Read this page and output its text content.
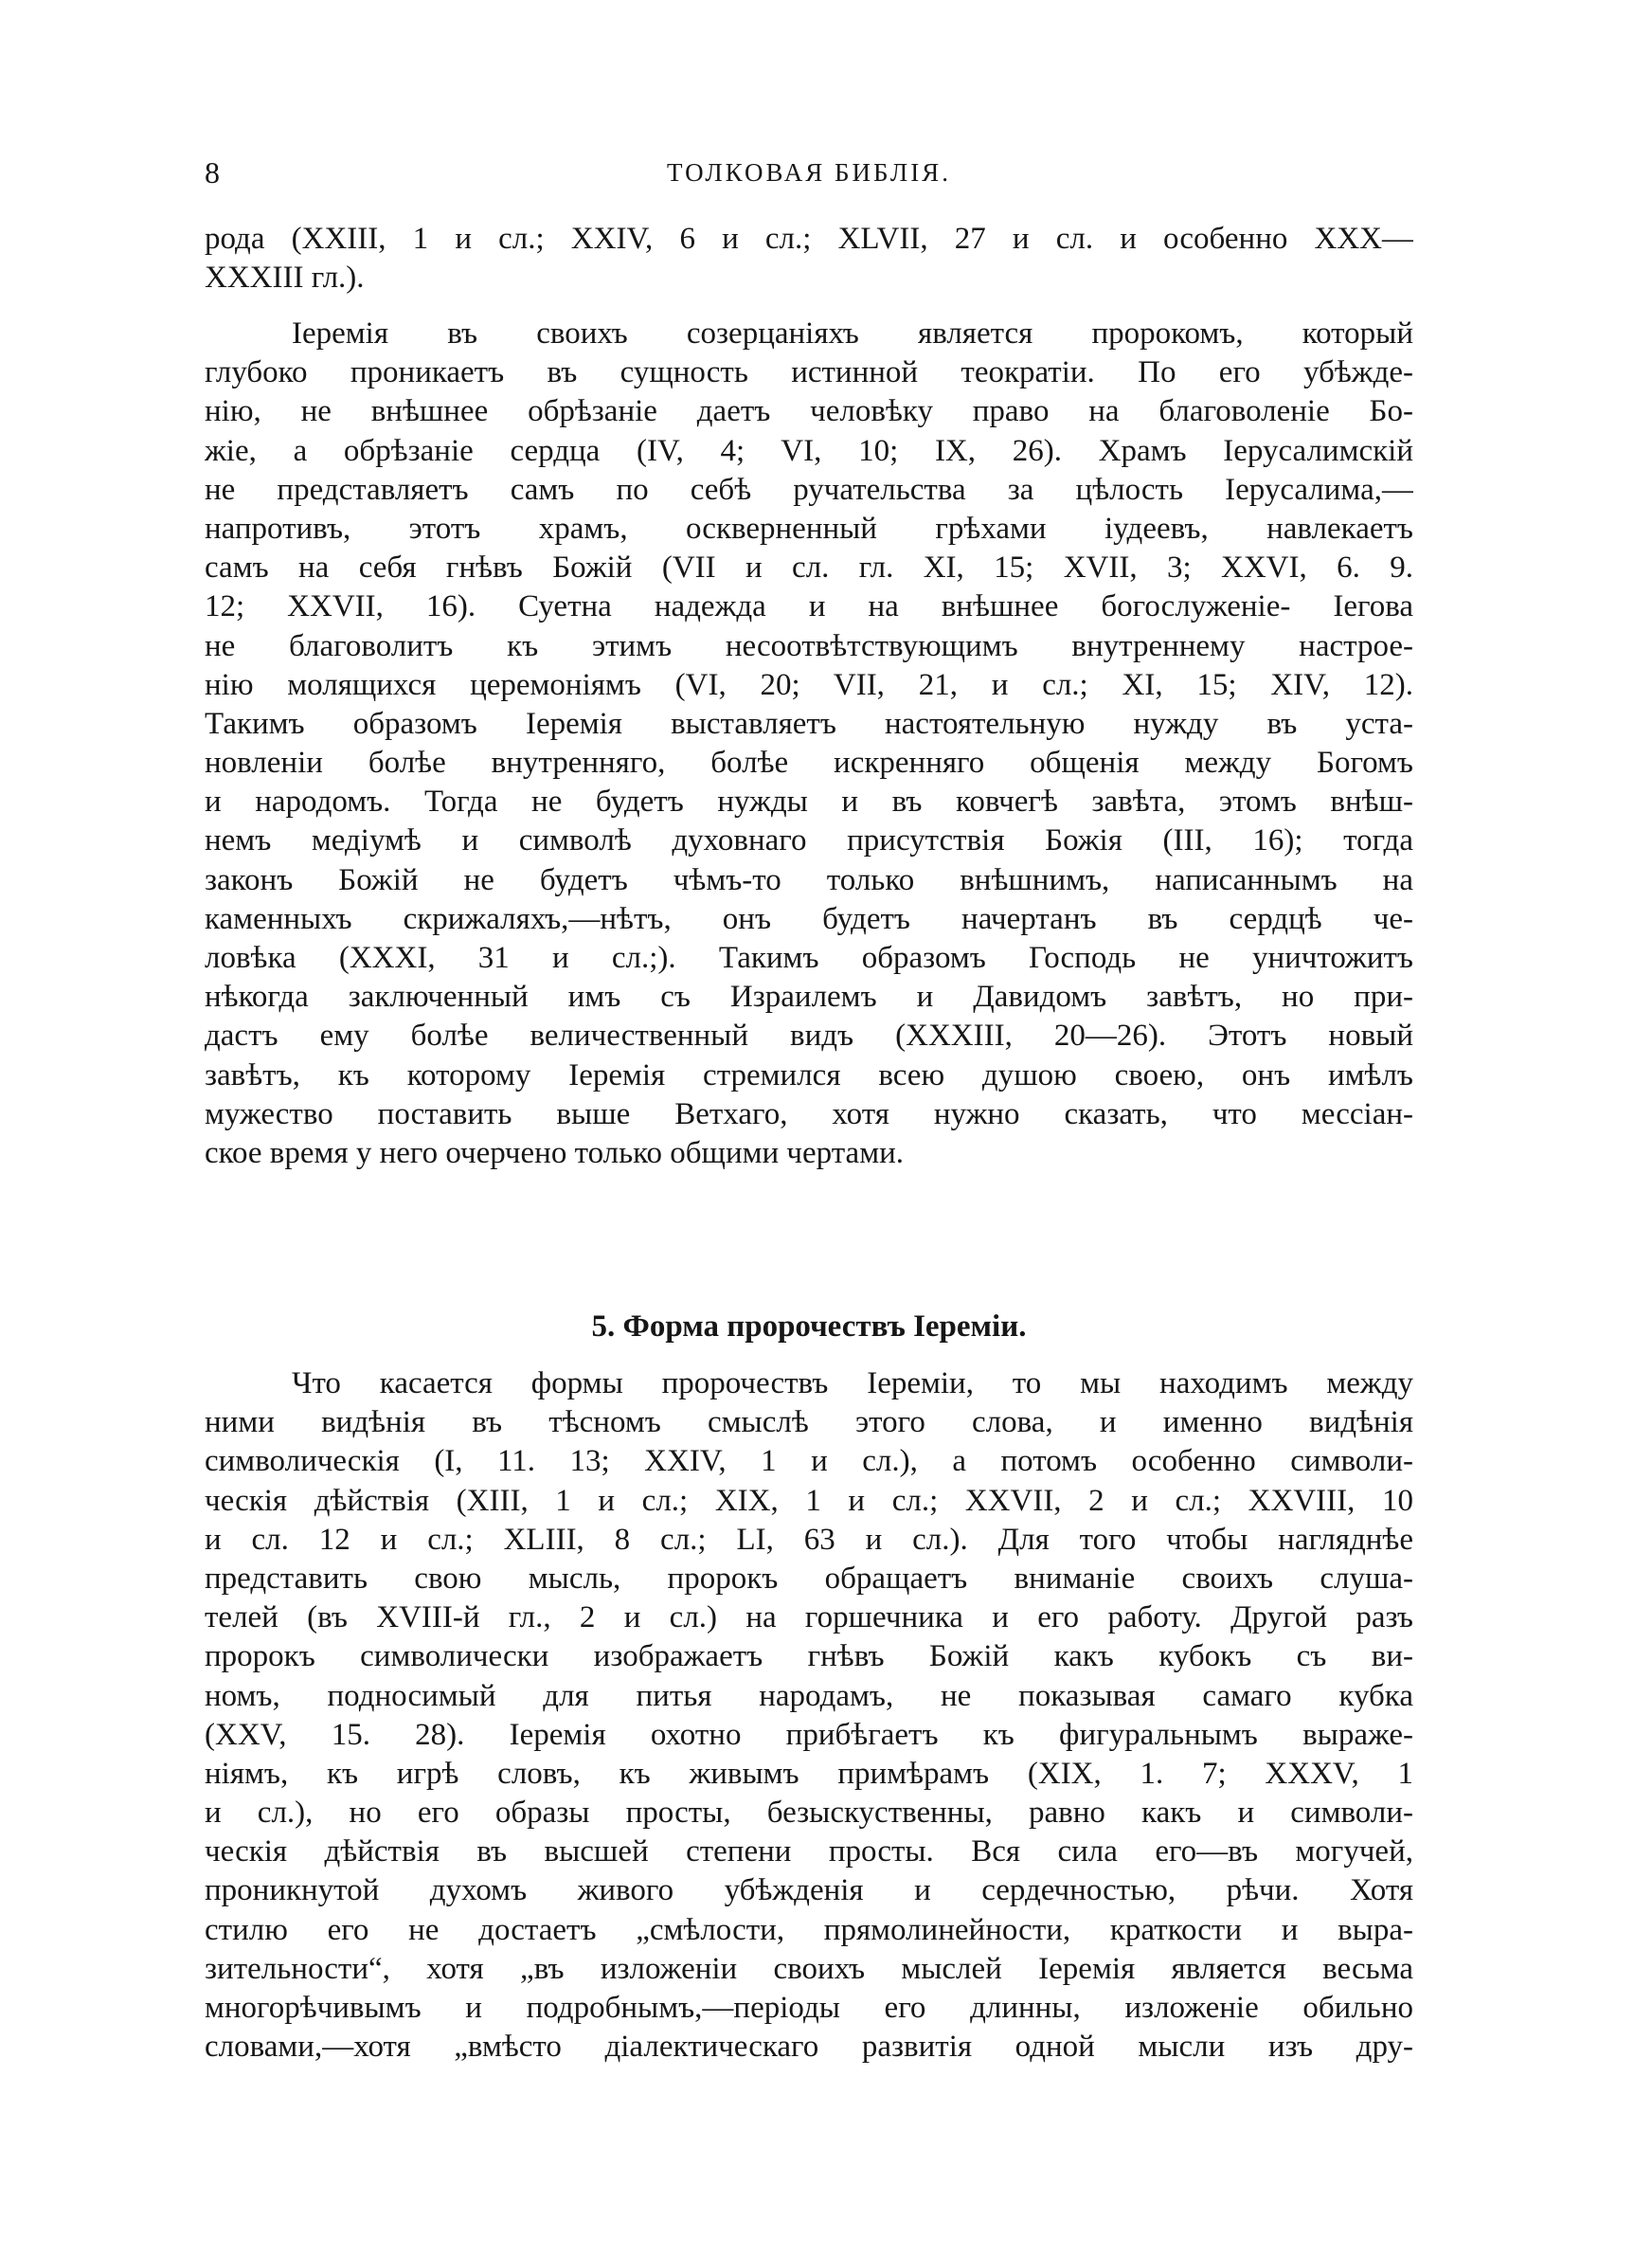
8	ТОЛКОВАЯ БИБЛІЯ.
рода (XXIII, 1 и сл.; XXIV, 6 и сл.; XLVII, 27 и сл. и особенно XXX—
XXXIII гл.).
Іеремія въ своихъ созерцаніяхъ является пророкомъ, который
глубоко проникаетъ въ сущность истинной теократіи. По его убѣжде-
нію, не внѣшнее обрѣзаніе даетъ человѣку право на благоволеніе Бо-
жіе, а обрѣзаніе сердца (IV, 4; VI, 10; IX, 26). Храмъ Іерусалимскій
не представляетъ самъ по себѣ ручательства за цѣлость Іерусалима,—
напротивъ, этотъ храмъ, оскверненный грѣхами іудеевъ, навлекаетъ
самъ на себя гнѣвъ Божій (VII и сл. гл. XI, 15; XVII, 3; XXVI, 6. 9.
12; XXVII, 16). Суетна надежда и на внѣшнее богослуженіе- Іегова
не благоволитъ къ этимъ несоотвѣтствующимъ внутреннему настрое-
нію молящихся церемоніямъ (VI, 20; VII, 21, и сл.; XI, 15; XIV, 12).
Такимъ образомъ Іеремія выставляетъ настоятельную нужду въ уста-
новленіи болѣе внутренняго, болѣе искренняго общенія между Богомъ
и народомъ. Тогда не будетъ нужды и въ ковчегѣ завѣта, этомъ внѣш-
немъ медіумѣ и символѣ духовнаго присутствія Божія (III, 16); тогда
законъ Божій не будетъ чѣмъ-то только внѣшнимъ, написаннымъ на
каменныхъ скрижаляхъ,—нѣтъ, онъ будетъ начертанъ въ сердцѣ че-
ловѣка (XXXI, 31 и сл.;). Такимъ образомъ Господь не уничтожитъ
нѣкогда заключенный имъ съ Израилемъ и Давидомъ завѣтъ, но при-
дастъ ему болѣе величественный видъ (XXXIII, 20—26). Этотъ новый
завѣтъ, къ которому Іеремія стремился всею душою своею, онъ имѣлъ
мужество поставить выше Ветхаго, хотя нужно сказать, что мессіан-
ское время у него очерчено только общими чертами.
5. Форма пророчествъ Іереміи.
Что касается формы пророчествъ Іереміи, то мы находимъ между
ними видѣнія въ тѣсномъ смыслѣ этого слова, и именно видѣнія
символическія (I, 11. 13; XXIV, 1 и сл.), а потомъ особенно символи-
ческія дѣйствія (XIII, 1 и сл.; XIX, 1 и сл.; XXVII, 2 и сл.; XXVIII, 10
и сл. 12 и сл.; XLIII, 8 сл.; LI, 63 и сл.). Для того чтобы нагляднѣе
представить свою мысль, пророкъ обращаетъ вниманіе своихъ слуша-
телей (въ XVIII-й гл., 2 и сл.) на горшечника и его работу. Другой разъ
пророкъ символически изображаетъ гнѣвъ Божій какъ кубокъ съ ви-
номъ, подносимый для питья народамъ, не показывая самаго кубка
(XXV, 15. 28). Іеремія охотно прибѣгаетъ къ фигуральнымъ выраже-
ніямъ, къ игрѣ словъ, къ живымъ примѣрамъ (XIX, 1. 7; XXXV, 1
и сл.), но его образы просты, безыскуственны, равно какъ и символи-
ческія дѣйствія въ высшей степени просты. Вся сила его—въ могучей,
проникнутой духомъ живого убѣжденія и сердечностью, рѣчи. Хотя
стилю его не достаетъ „смѣлости, прямолинейности, краткости и выра-
зительности“, хотя „въ изложеніи своихъ мыслей Іеремія является весьма
многорѣчивымъ и подробнымъ,—періоды его длинны, изложеніе обильно
словами,—хотя „вмѣсто діалектическаго развитія одной мысли изъ дру-
